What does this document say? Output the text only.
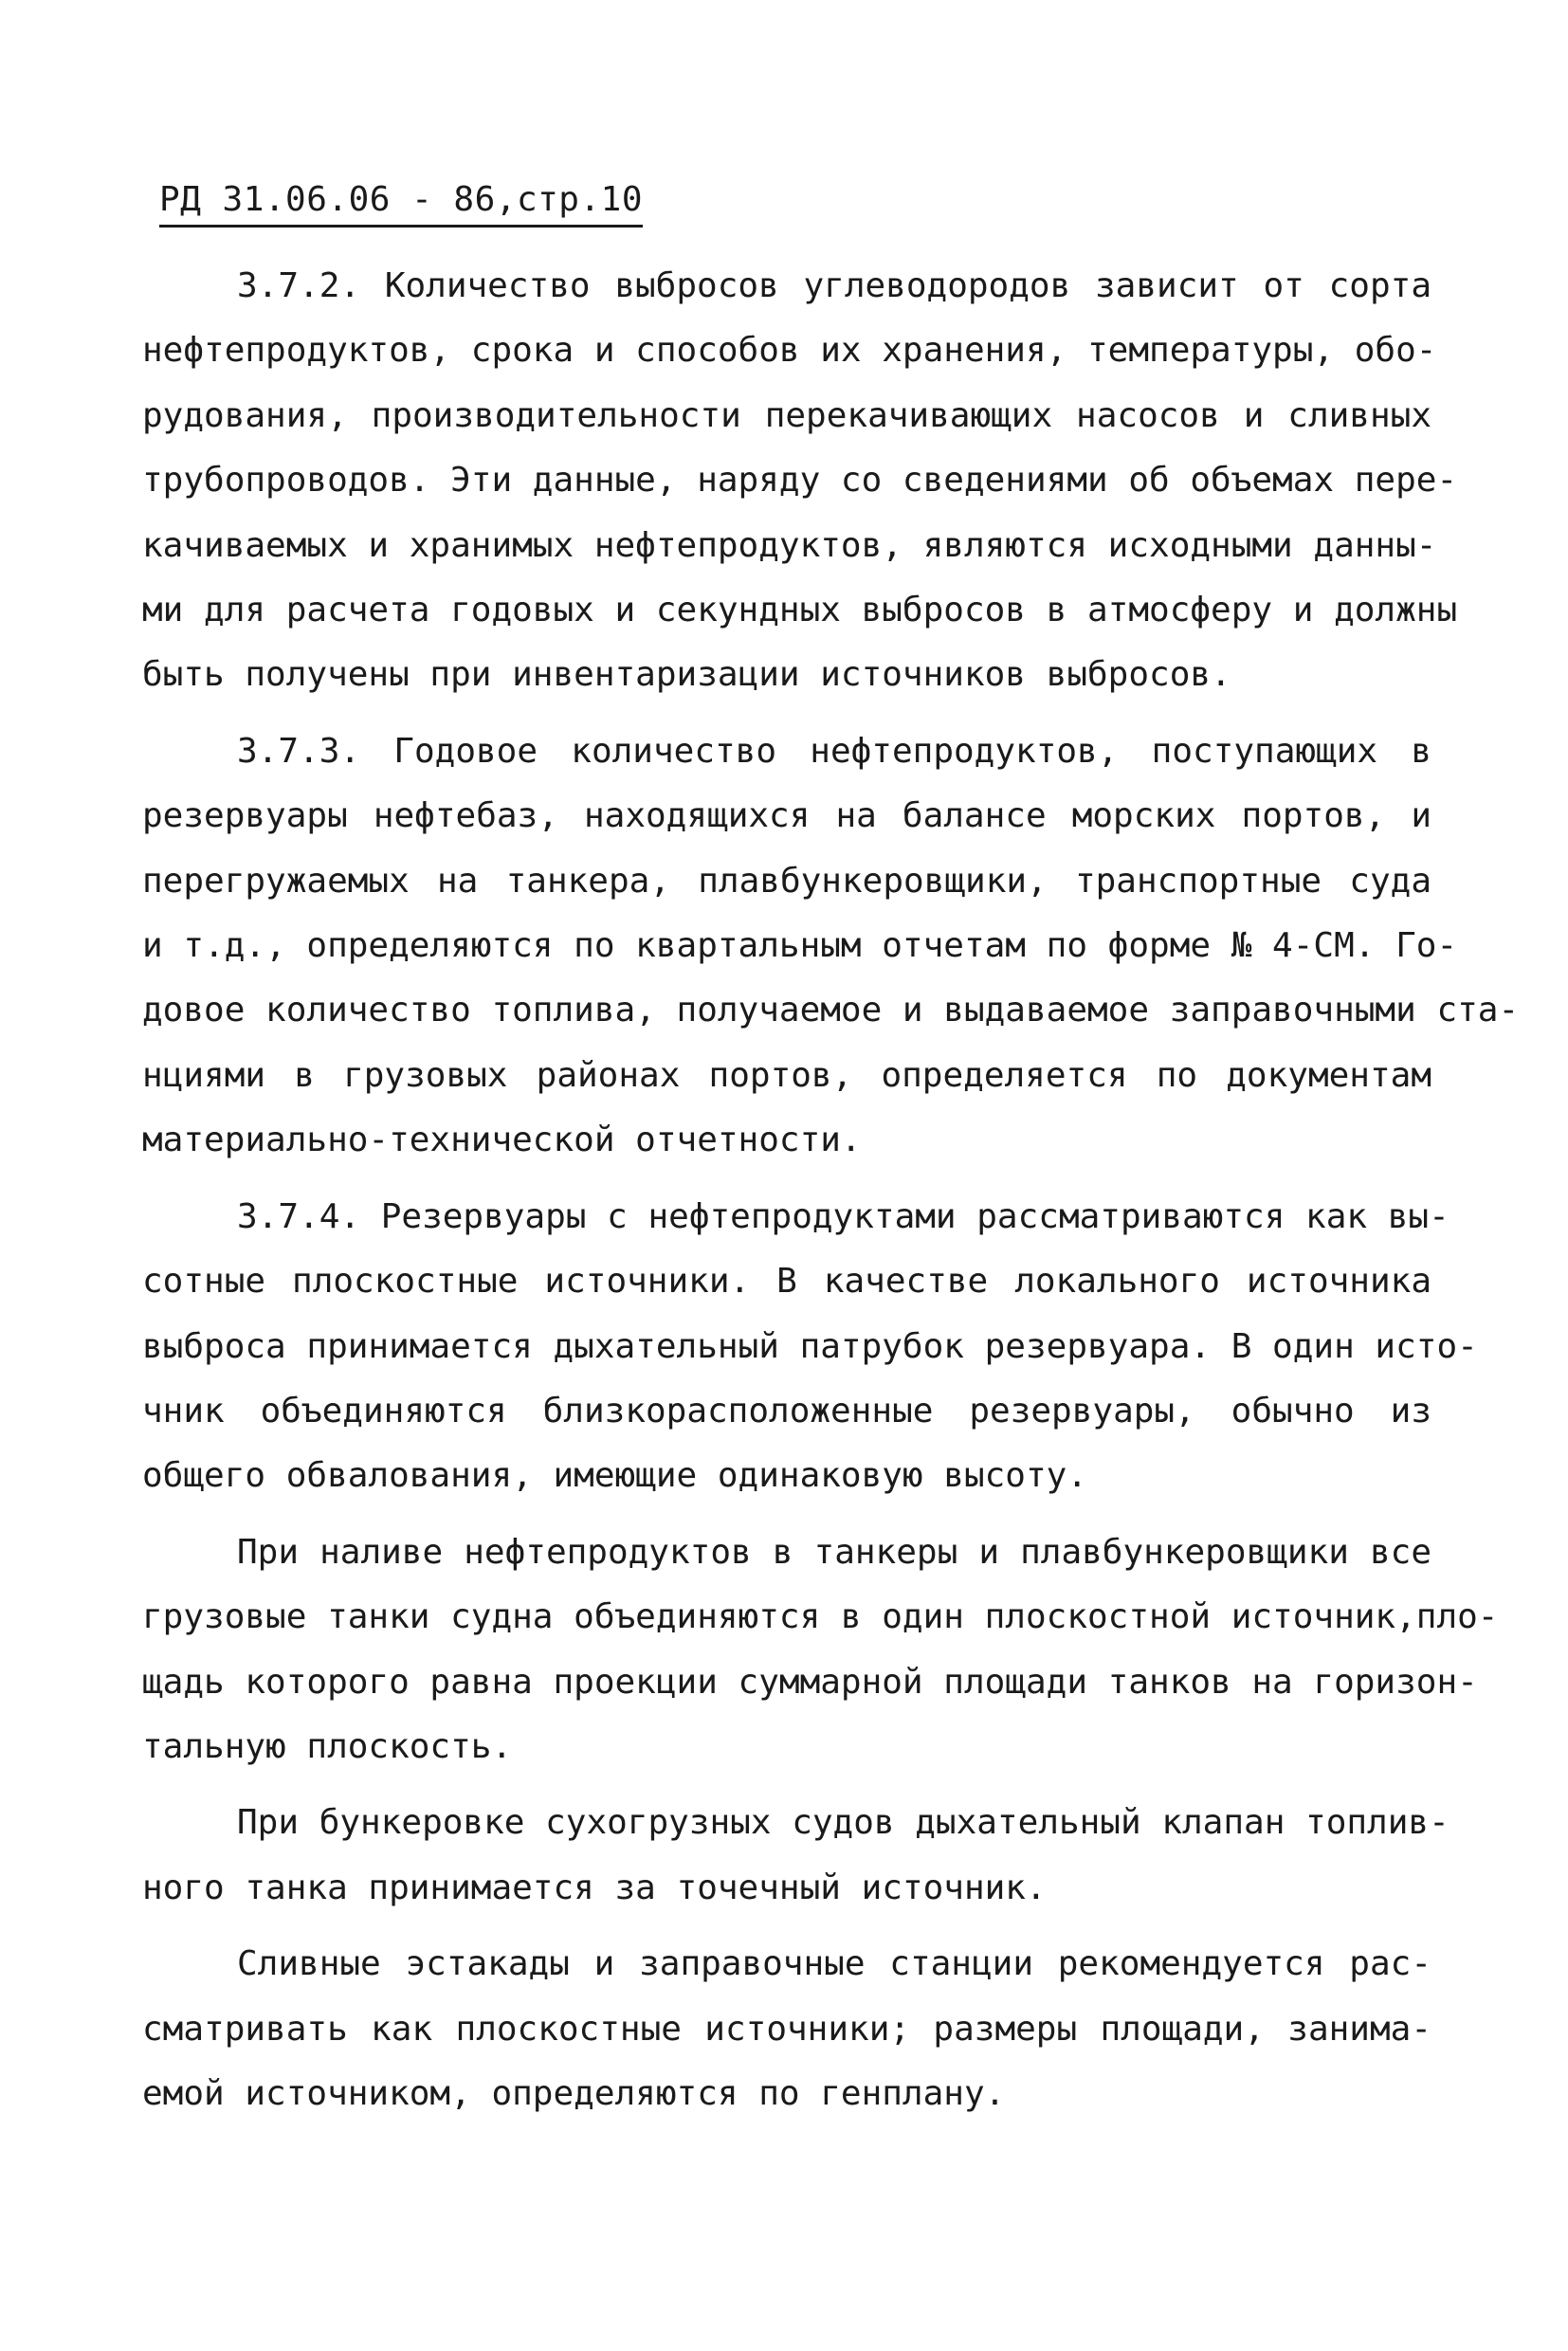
РД 31.06.06 - 86,стр.10
3.7.2. Количество выбросов углеводородов зависит от сорта
нефтепродуктов, срока и способов их хранения, температуры, обо-
рудования, производительности перекачивающих насосов и сливных
трубопроводов. Эти данные, наряду со сведениями об объемах пере-
качиваемых и хранимых нефтепродуктов, являются исходными данны-
ми для расчета годовых и секундных выбросов в атмосферу и должны
быть получены при инвентаризации источников выбросов.
3.7.3. Годовое количество нефтепродуктов, поступающих в
резервуары нефтебаз, находящихся на балансе морских портов, и
перегружаемых на танкера, плавбункеровщики, транспортные суда
и т.д., определяются по квартальным отчетам по форме № 4-СМ. Го-
довое количество топлива, получаемое и выдаваемое заправочными ста-
нциями в грузовых районах портов, определяется по документам
материально-технической отчетности.
3.7.4. Резервуары с нефтепродуктами рассматриваются как вы-
сотные плоскостные источники. В качестве локального источника
выброса принимается дыхательный патрубок резервуара. В один исто-
чник объединяются близкорасположенные резервуары, обычно из
общего обвалования, имеющие одинаковую высоту.
При наливе нефтепродуктов в танкеры и плавбункеровщики все
грузовые танки судна объединяются в один плоскостной источник,пло-
щадь которого равна проекции суммарной площади танков на горизон-
тальную плоскость.
При бункеровке сухогрузных судов дыхательный клапан топлив-
ного танка принимается за точечный источник.
Сливные эстакады и заправочные станции рекомендуется рас-
сматривать как плоскостные источники; размеры площади, занима-
емой источником, определяются по генплану.
